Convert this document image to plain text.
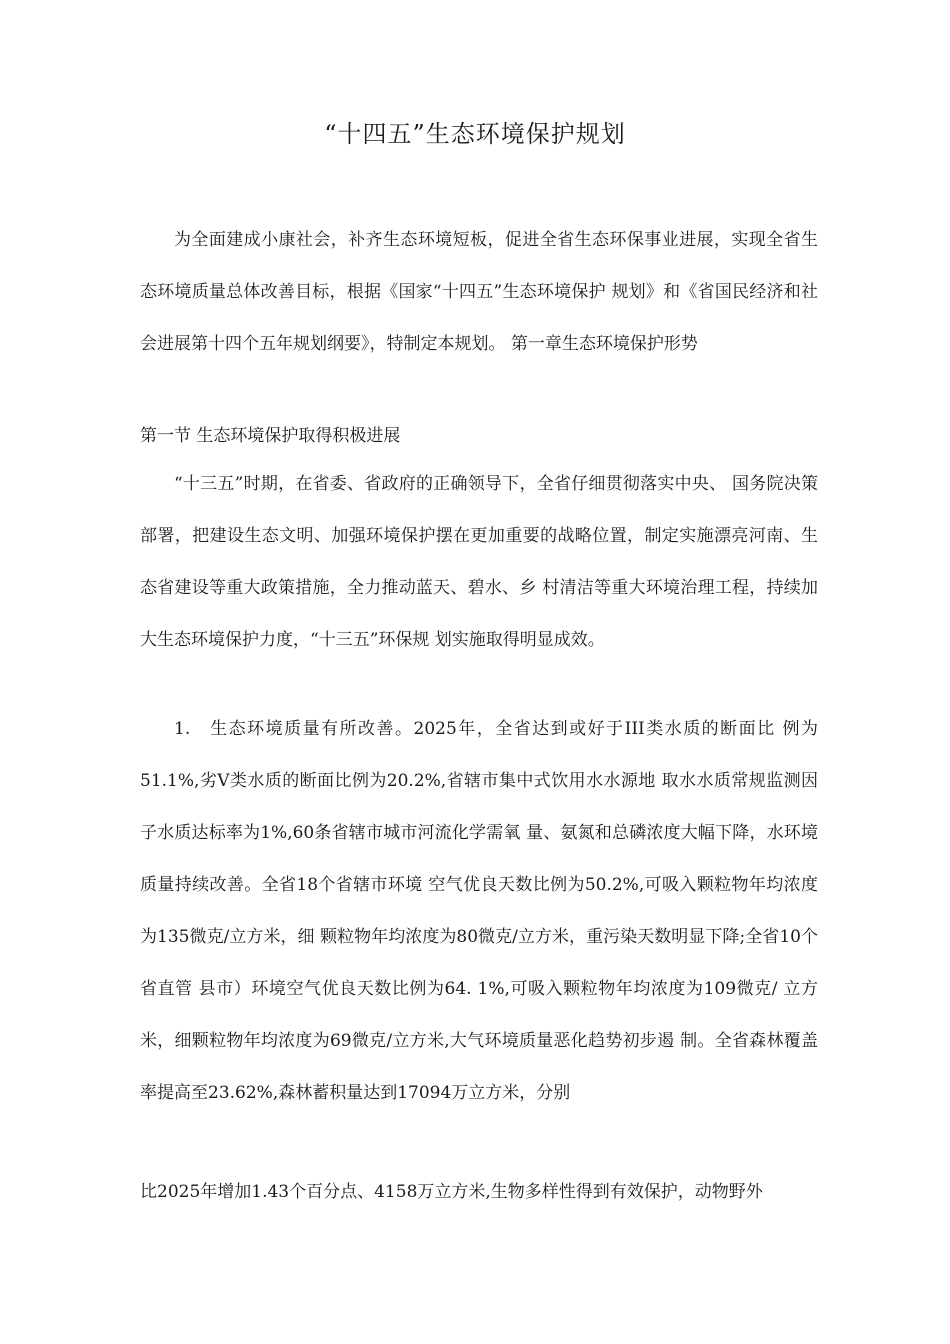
“十四五”生态环境保护规划

为全面建成小康社会，补齐生态环境短板，促进全省生态环保事业进展，实现全省生态环境质量总体改善目标，根据《国家“十四五”生态环境保护 规划》和《省国民经济和社会进展第十四个五年规划纲要》，特制定本规划。 第一章生态环境保护形势

第一节 生态环境保护取得积极进展

“十三五”时期，在省委、省政府的正确领导下，全省仔细贯彻落实中央、 国务院决策部署，把建设生态文明、加强环境保护摆在更加重要的战略位置，制定实施漂亮河南、生态省建设等重大政策措施，全力推动蓝天、碧水、乡 村清洁等重大环境治理工程，持续加大生态环境保护力度，“十三五”环保规 划实施取得明显成效。

1.　生态环境质量有所改善。2025年，全省达到或好于III类水质的断面比 例为51.1%,劣V类水质的断面比例为20.2%,省辖市集中式饮用水水源地 取水水质常规监测因子水质达标率为1%,60条省辖市城市河流化学需氧 量、氨氮和总磷浓度大幅下降，水环境质量持续改善。全省18个省辖市环境 空气优良天数比例为50.2%,可吸入颗粒物年均浓度为135微克/立方米，细 颗粒物年均浓度为80微克/立方米，重污染天数明显下降;全省10个省直管 县市）环境空气优良天数比例为64. 1%,可吸入颗粒物年均浓度为109微克/ 立方米，细颗粒物年均浓度为69微克/立方米,大气环境质量恶化趋势初步遏 制。全省森林覆盖率提高至23.62%,森林蓄积量达到17094万立方米，分别

比2025年增加1.43个百分点、4158万立方米,生物多样性得到有效保护，动物野外
